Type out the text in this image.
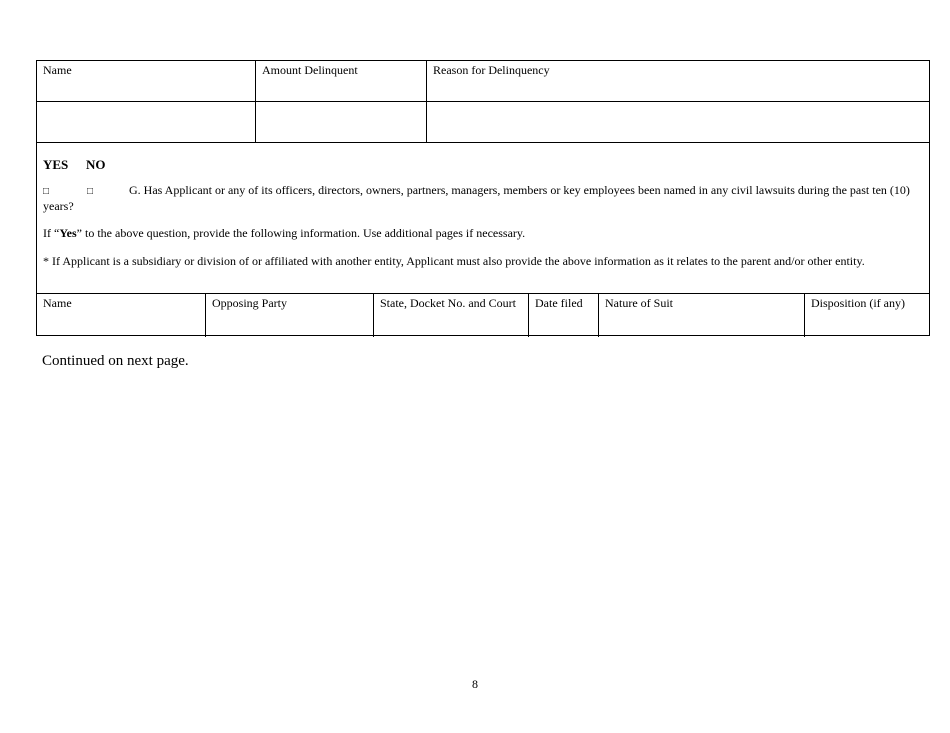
Name	Amount Delinquent	Reason for Delinquency
YES NO
□	□	G. Has Applicant or any of its officers, directors, owners, partners, managers, members or key employees been named in any civil lawsuits during the past ten (10) years?
If “Yes” to the above question, provide the following information. Use additional pages if necessary.
* If Applicant is a subsidiary or division of or affiliated with another entity, Applicant must also provide the above information as it relates to the parent and/or other entity.
Name	Opposing Party	State, Docket No. and Court	Date filed	Nature of Suit	Disposition (if any)
Continued on next page.
8
